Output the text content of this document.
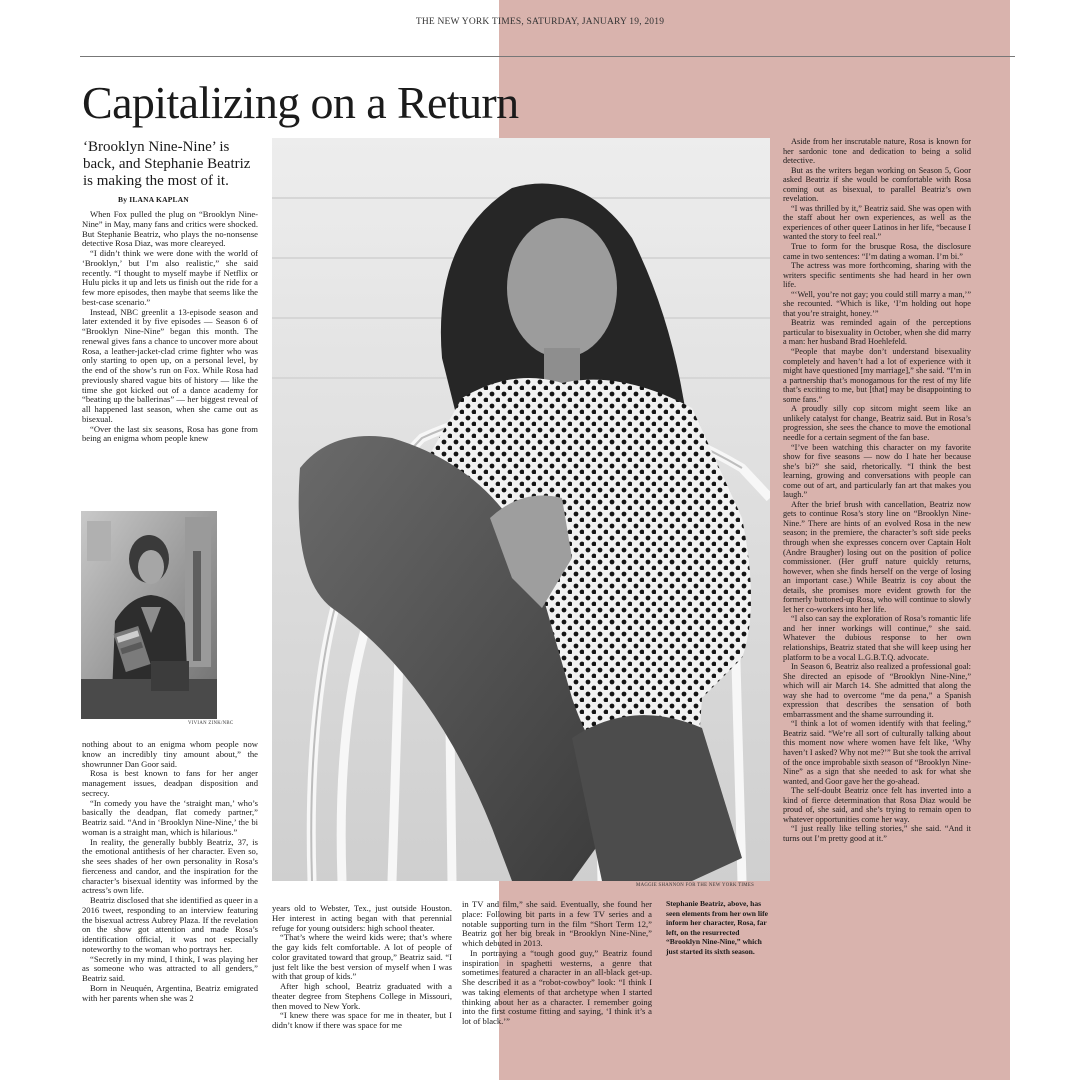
THE NEW YORK TIMES, SATURDAY, JANUARY 19, 2019
Capitalizing on a Return
‘Brooklyn Nine-Nine’ is back, and Stephanie Beatriz is making the most of it.
By ILANA KAPLAN

When Fox pulled the plug on “Brooklyn Nine-Nine” in May, many fans and critics were shocked. But Stephanie Beatriz, who plays the no-nonsense detective Rosa Diaz, was more cleareyed.

“I didn’t think we were done with the world of ‘Brooklyn,’ but I’m also realistic,” she said recently. “I thought to myself maybe if Netflix or Hulu picks it up and lets us finish out the ride for a few more episodes, then maybe that seems like the best-case scenario.”

Instead, NBC greenlit a 13-episode season and later extended it by five episodes — Season 6 of “Brooklyn Nine-Nine” began this month. The renewal gives fans a chance to uncover more about Rosa, a leather-jacket-clad crime fighter who was only starting to open up, on a personal level, by the end of the show’s run on Fox. While Rosa had previously shared vague bits of history — like the time she got kicked out of a dance academy for “beating up the ballerinas” — her biggest reveal of all happened last season, when she came out as bisexual.

“Over the last six seasons, Rosa has gone from being an enigma whom people knew

VIVIAN ZINK/NBC

nothing about to an enigma whom people now know an incredibly tiny amount about,” the showrunner Dan Goor said.

Rosa is best known to fans for her anger management issues, deadpan disposition and secrecy.

“In comedy you have the ‘straight man,’ who’s basically the deadpan, flat comedy partner,” Beatriz said. “And in ‘Brooklyn Nine-Nine,’ the bi woman is a straight man, which is hilarious.”

In reality, the generally bubbly Beatriz, 37, is the emotional antithesis of her character. Even so, she sees shades of her own personality in Rosa’s fierceness and candor, and the inspiration for the character’s bisexual identity was informed by the actress’s own life.

Beatriz disclosed that she identified as queer in a 2016 tweet, responding to an interview featuring the bisexual actress Aubrey Plaza. If the revelation on the show got attention and made Rosa’s identification official, it was not especially noteworthy to the woman who portrays her.

“Secretly in my mind, I think, I was playing her as someone who was attracted to all genders,” Beatriz said.

Born in Neuquén, Argentina, Beatriz emigrated with her parents when she was 2

MAGGIE SHANNON FOR THE NEW YORK TIMES

years old to Webster, Tex., just outside Houston. Her interest in acting began with that perennial refuge for young outsiders: high school theater.

“That’s where the weird kids were; that’s where the gay kids felt comfortable. A lot of people of color gravitated toward that group,” Beatriz said. “I just felt like the best version of myself when I was with that group of kids.”

After high school, Beatriz graduated with a theater degree from Stephens College in Missouri, then moved to New York.

“I knew there was space for me in theater, but I didn’t know if there was space for me

in TV and film,” she said. Eventually, she found her place: Following bit parts in a few TV series and a notable supporting turn in the film “Short Term 12,” Beatriz got her big break in “Brooklyn Nine-Nine,” which debuted in 2013.

In portraying a “tough good guy,” Beatriz found inspiration in spaghetti westerns, a genre that sometimes featured a character in an all-black get-up. She described it as a “robot-cowboy” look: “I think I was taking elements of that archetype when I started thinking about her as a character. I remember going into the first costume fitting and saying, ‘I think it’s a lot of black.’”

Stephanie Beatriz, above, has seen elements from her own life inform her character, Rosa, far left, on the resurrected “Brooklyn Nine-Nine,” which just started its sixth season.

Aside from her inscrutable nature, Rosa is known for her sardonic tone and dedication to being a solid detective.

But as the writers began working on Season 5, Goor asked Beatriz if she would be comfortable with Rosa coming out as bisexual, to parallel Beatriz’s own revelation.

“I was thrilled by it,” Beatriz said. She was open with the staff about her own experiences, as well as the experiences of other queer Latinos in her life, “because I wanted the story to feel real.”

True to form for the brusque Rosa, the disclosure came in two sentences: “I’m dating a woman. I’m bi.”

The actress was more forthcoming, sharing with the writers specific sentiments she had heard in her own life.

“‘Well, you’re not gay; you could still marry a man,’” she recounted. “Which is like, ‘I’m holding out hope that you’re straight, honey.’”

Beatriz was reminded again of the perceptions particular to bisexuality in October, when she did marry a man: her husband Brad Hoehlefeld.

“People that maybe don’t understand bisexuality completely and haven’t had a lot of experience with it might have questioned [my marriage],” she said. “I’m in a partnership that’s monogamous for the rest of my life that’s exciting to me, but [that] may be disappointing to some fans.”

A proudly silly cop sitcom might seem like an unlikely catalyst for change, Beatriz said. But in Rosa’s progression, she sees the chance to move the emotional needle for a certain segment of the fan base.

“I’ve been watching this character on my favorite show for five seasons — now do I hate her because she’s bi?” she said, rhetorically. “I think the best learning, growing and conversations with people can come out of art, and particularly fan art that makes you laugh.”

After the brief brush with cancellation, Beatriz now gets to continue Rosa’s story line on “Brooklyn Nine-Nine.” There are hints of an evolved Rosa in the new season; in the premiere, the character’s soft side peeks through when she expresses concern over Captain Holt (Andre Braugher) losing out on the position of police commissioner. (Her gruff nature quickly returns, however, when she finds herself on the verge of losing an important case.) While Beatriz is coy about the details, she promises more evident growth for the formerly buttoned-up Rosa, who will continue to slowly let her co-workers into her life.

“I also can say the exploration of Rosa’s romantic life and her inner workings will continue,” she said. Whatever the dubious response to her own relationships, Beatriz stated that she will keep using her platform to be a vocal L.G.B.T.Q. advocate.

In Season 6, Beatriz also realized a professional goal: She directed an episode of “Brooklyn Nine-Nine,” which will air March 14. She admitted that along the way she had to overcome “me da pena,” a Spanish expression that describes the sensation of both embarrassment and the shame surrounding it.

“I think a lot of women identify with that feeling,” Beatriz said. “We’re all sort of culturally talking about this moment now where women have felt like, ‘Why haven’t I asked? Why not me?’” But she took the arrival of the once improbable sixth season of “Brooklyn Nine-Nine” as a sign that she needed to ask for what she wanted, and Goor gave her the go-ahead.

The self-doubt Beatriz once felt has inverted into a kind of fierce determination that Rosa Diaz would be proud of, she said, and she’s trying to remain open to whatever opportunities come her way.

“I just really like telling stories,” she said. “And it turns out I’m pretty good at it.”
